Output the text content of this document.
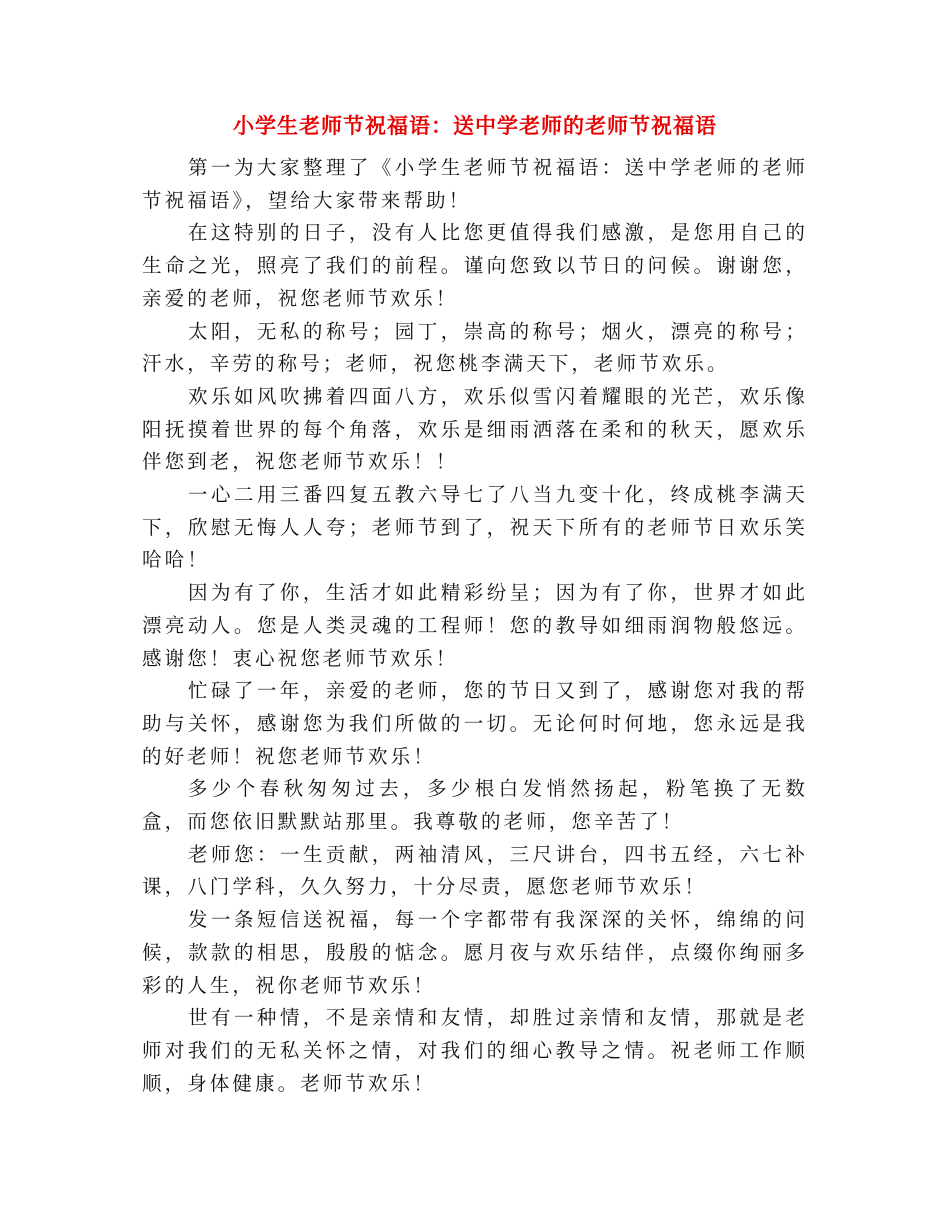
小学生老师节祝福语：送中学老师的老师节祝福语

第一为大家整理了《小学生老师节祝福语：送中学老师的老师节祝福语》，望给大家带来帮助！

在这特别的日子，没有人比您更值得我们感激，是您用自己的生命之光，照亮了我们的前程。谨向您致以节日的问候。谢谢您，亲爱的老师，祝您老师节欢乐！

太阳，无私的称号；园丁，崇高的称号；烟火，漂亮的称号；汗水，辛劳的称号；老师，祝您桃李满天下，老师节欢乐。

欢乐如风吹拂着四面八方，欢乐似雪闪着耀眼的光芒，欢乐像阳抚摸着世界的每个角落，欢乐是细雨洒落在柔和的秋天，愿欢乐伴您到老，祝您老师节欢乐！！

一心二用三番四复五教六导七了八当九变十化，终成桃李满天下，欣慰无悔人人夸；老师节到了，祝天下所有的老师节日欢乐笑哈哈！

因为有了你，生活才如此精彩纷呈；因为有了你，世界才如此漂亮动人。您是人类灵魂的工程师！您的教导如细雨润物般悠远。感谢您！衷心祝您老师节欢乐！

忙碌了一年，亲爱的老师，您的节日又到了，感谢您对我的帮助与关怀，感谢您为我们所做的一切。无论何时何地，您永远是我的好老师！祝您老师节欢乐！

多少个春秋匆匆过去，多少根白发悄然扬起，粉笔换了无数盒，而您依旧默默站那里。我尊敬的老师，您辛苦了！

老师您：一生贡献，两袖清风，三尺讲台，四书五经，六七补课，八门学科，久久努力，十分尽责，愿您老师节欢乐！

发一条短信送祝福，每一个字都带有我深深的关怀，绵绵的问候，款款的相思，殷殷的惦念。愿月夜与欢乐结伴，点缀你绚丽多彩的人生，祝你老师节欢乐！

世有一种情，不是亲情和友情，却胜过亲情和友情，那就是老师对我们的无私关怀之情，对我们的细心教导之情。祝老师工作顺顺，身体健康。老师节欢乐！
